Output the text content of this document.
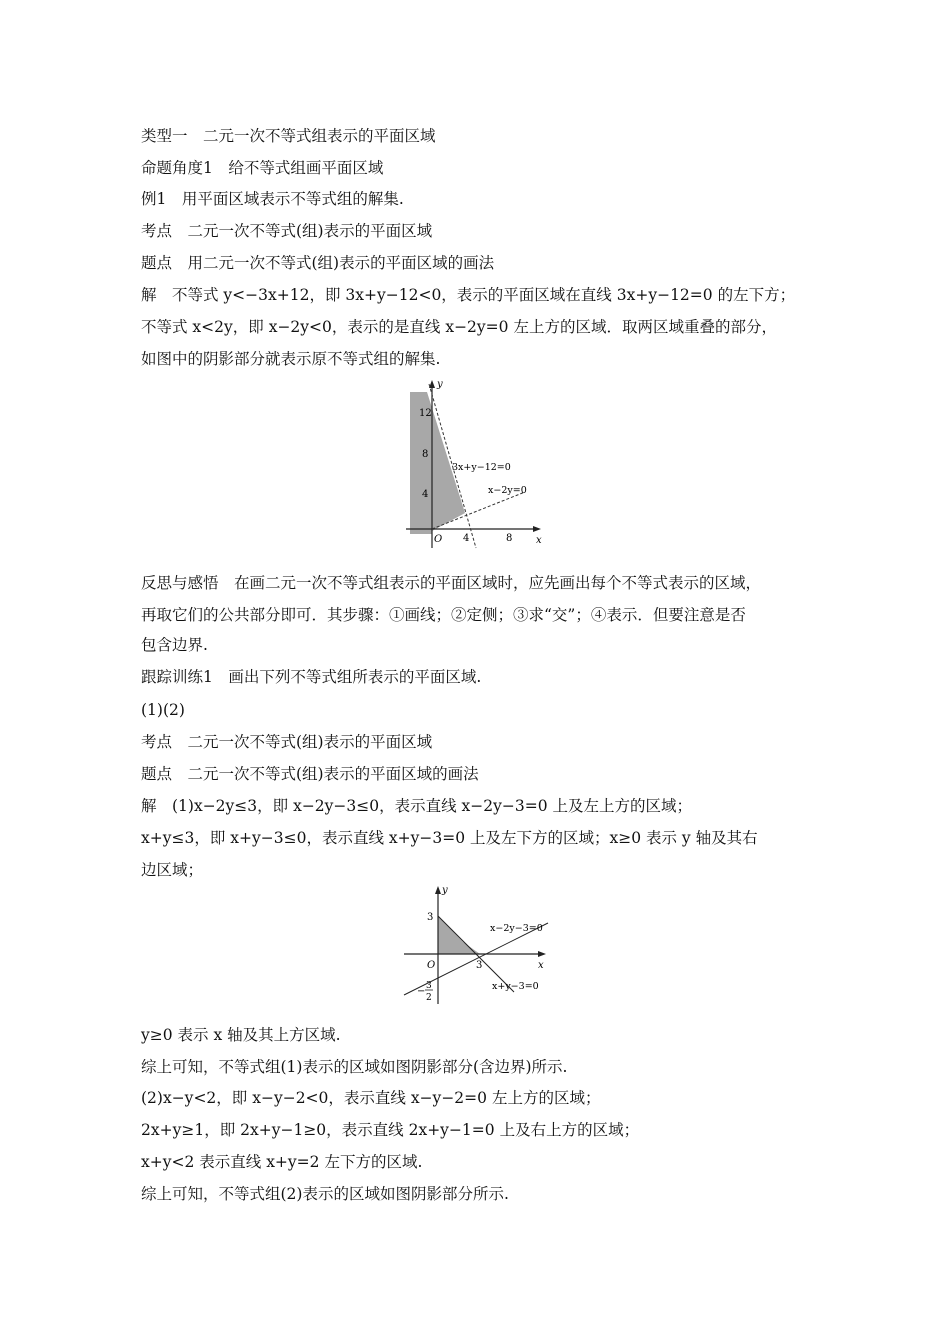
类型一　二元一次不等式组表示的平面区域
命题角度1　给不等式组画平面区域
例1　用平面区域表示不等式组的解集.
考点　二元一次不等式(组)表示的平面区域
题点　用二元一次不等式(组)表示的平面区域的画法
解　不等式 y<−3x+12，即 3x+y−12<0，表示的平面区域在直线 3x+y−12=0 的左下方；
不等式 x<2y，即 x−2y<0，表示的是直线 x−2y=0 左上方的区域．取两区域重叠的部分，
如图中的阴影部分就表示原不等式组的解集.
y
x
O
12
8
4
4	8
3x+y−12=0
x−2y=0
反思与感悟　在画二元一次不等式组表示的平面区域时，应先画出每个不等式表示的区域，
再取它们的公共部分即可．其步骤：①画线；②定侧；③求“交”；④表示．但要注意是否
包含边界.
跟踪训练1　画出下列不等式组所表示的平面区域.
(1)(2)
考点　二元一次不等式(组)表示的平面区域
题点　二元一次不等式(组)表示的平面区域的画法
解　(1)x−2y≤3，即 x−2y−3≤0，表示直线 x−2y−3=0 上及左上方的区域；
x+y≤3，即 x+y−3≤0，表示直线 x+y−3=0 上及左下方的区域；x≥0 表示 y 轴及其右
边区域；
y
x
O
3
3
− 3
2
x−2y−3=0
x+y−3=0
y≥0 表示 x 轴及其上方区域.
综上可知，不等式组(1)表示的区域如图阴影部分(含边界)所示.
(2)x−y<2，即 x−y−2<0，表示直线 x−y−2=0 左上方的区域；
2x+y≥1，即 2x+y−1≥0，表示直线 2x+y−1=0 上及右上方的区域；
x+y<2 表示直线 x+y=2 左下方的区域.
综上可知，不等式组(2)表示的区域如图阴影部分所示.
